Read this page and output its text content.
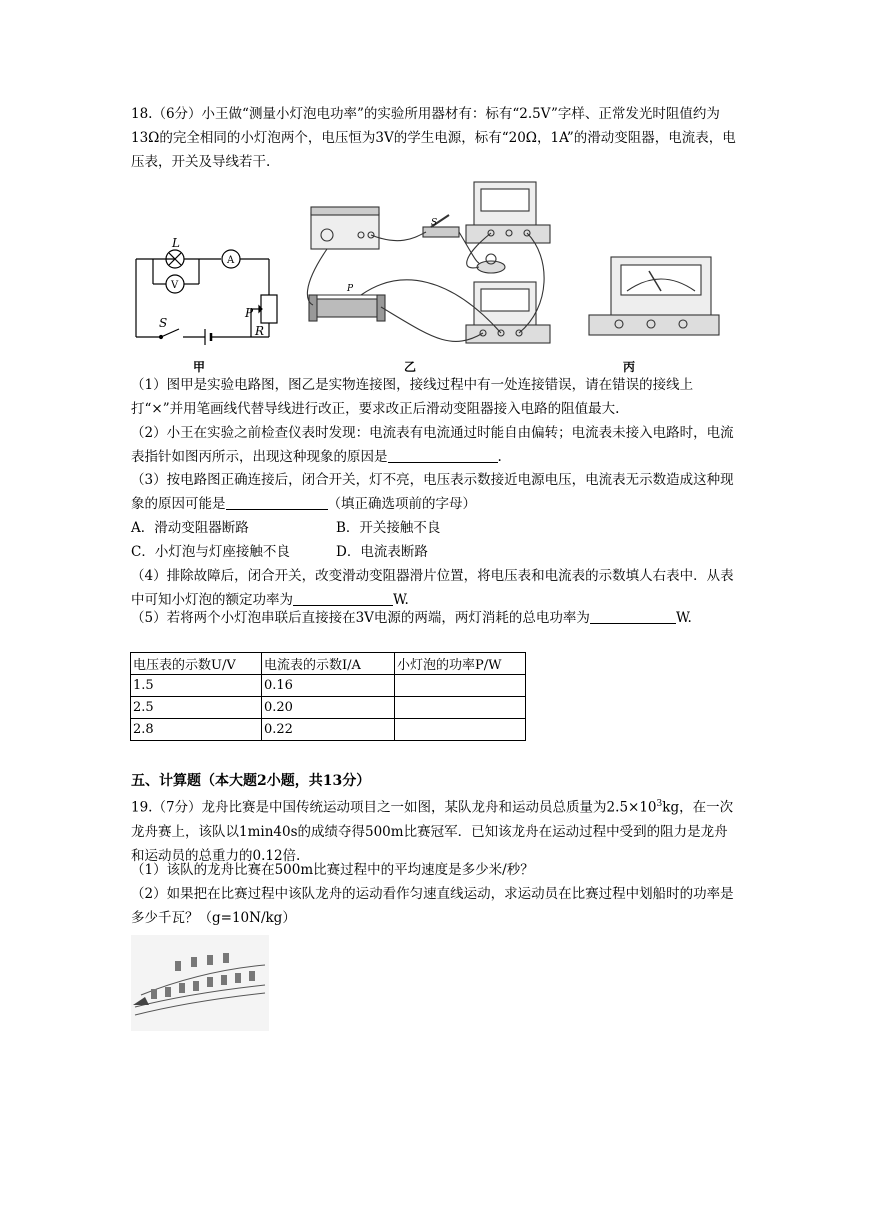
18.（6分）小王做“测量小灯泡电功率”的实验所用器材有：标有“2.5V”字样、正常发光时阻值约为13Ω的完全相同的小灯泡两个，电压恒为3V的学生电源，标有“20Ω，1A”的滑动变阻器，电流表，电压表，开关及导线若干.

L
A
V
S
P
R
甲
S
P
乙	丙

（1）图甲是实验电路图，图乙是实物连接图，接线过程中有一处连接错误，请在错误的接线上打“×”并用笔画线代替导线进行改正，要求改正后滑动变阻器接入电路的阻值最大.

（2）小王在实验之前检查仪表时发现：电流表有电流通过时能自由偏转；电流表未接入电路时，电流表指针如图丙所示，出现这种现象的原因是	.

（3）按电路图正确连接后，闭合开关，灯不亮，电压表示数接近电源电压，电流表无示数造成这种现象的原因可能是	（填正确选项前的字母）

A．滑动变阻器断路	B．开关接触不良
C．小灯泡与灯座接触不良	D．电流表断路

（4）排除故障后，闭合开关，改变滑动变阻器滑片位置，将电压表和电流表的示数填人右表中．从表中可知小灯泡的额定功率为	W.

（5）若将两个小灯泡串联后直接接在3V电源的两端，两灯消耗的总电功率为	W.

电压表的示数U/V	电流表的示数I/A	小灯泡的功率P/W
1.5	0.16	
2.5	0.20	
2.8	0.22	
五、计算题（本大题2小题，共13分）

19.（7分）龙舟比赛是中国传统运动项目之一如图，某队龙舟和运动员总质量为$2.5\times 10^3kg$，在一次龙舟赛上，该队以1min40s的成绩夺得500m比赛冠军．已知该龙舟在运动过程中受到的阻力是龙舟和运动员的总重力的0.12倍.

（1）该队的龙舟比赛在500m比赛过程中的平均速度是多少米/秒？

（2）如果把在比赛过程中该队龙舟的运动看作匀速直线运动，求运动员在比赛过程中划船时的功率是多少千瓦？（g=10N/kg）
